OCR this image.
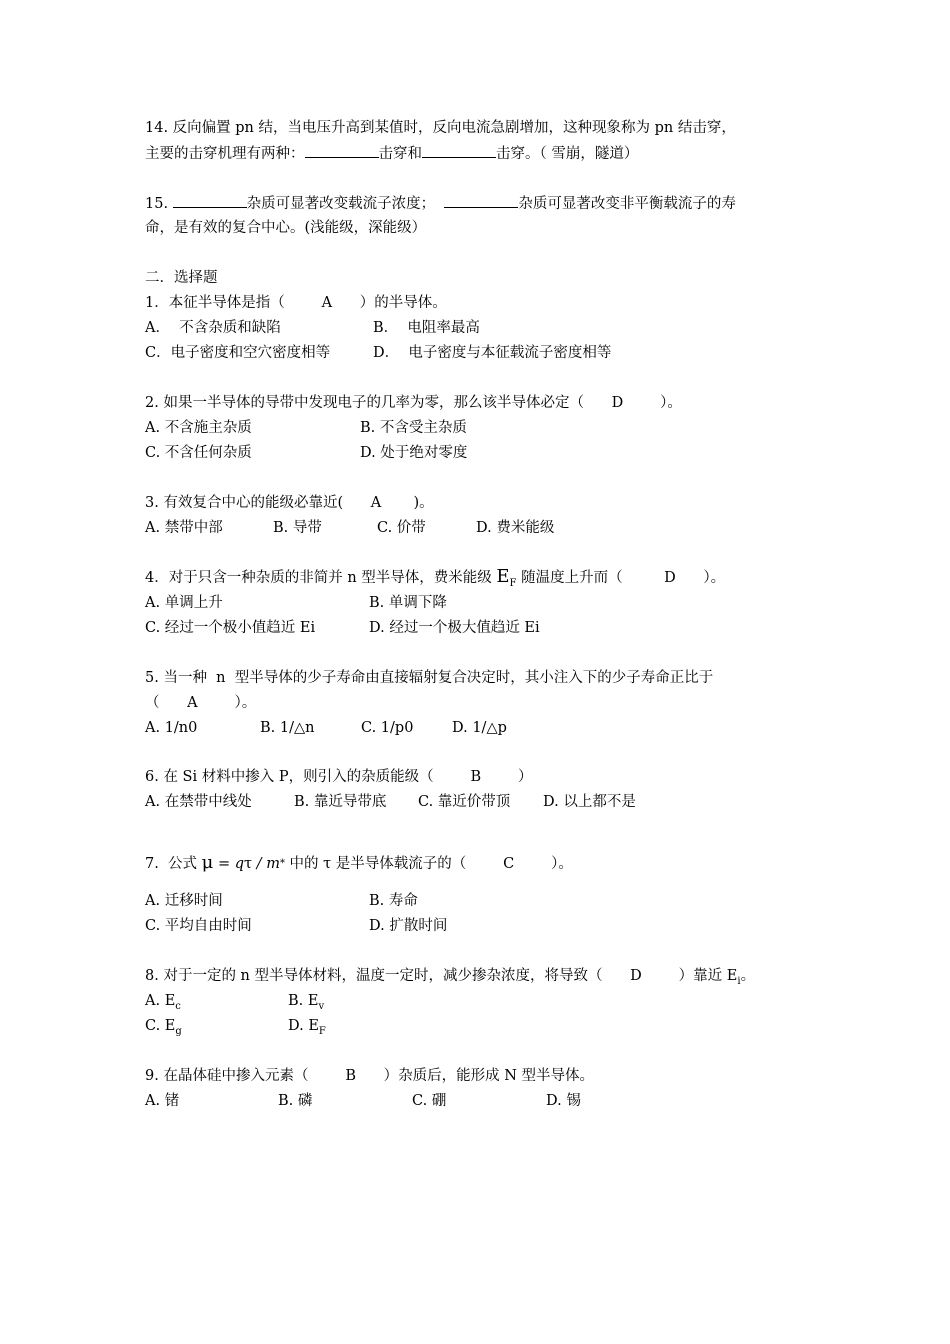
14. 反向偏置 pn 结，当电压升高到某值时，反向电流急剧增加，这种现象称为 pn 结击穿，
主要的击穿机理有两种：	击穿和	击穿。（ 雪崩，隧道）
15.	杂质可显著改变载流子浓度；	杂质可显著改变非平衡载流子的寿
命，是有效的复合中心。(浅能级，深能级）
二．选择题
1．本征半导体是指（        A      ）的半导体。
A．  不含杂质和缺陷	B．  电阻率最高
C．电子密度和空穴密度相等	D．  电子密度与本征载流子密度相等
2. 如果一半导体的导带中发现电子的几率为零，那么该半导体必定（      D        ）。
A. 不含施主杂质	B. 不含受主杂质
C. 不含任何杂质	D. 处于绝对零度
3. 有效复合中心的能级必靠近(      A       )。
A. 禁带中部	B. 导带	C. 价带	D. 费米能级
4．对于只含一种杂质的非简并 n 型半导体，费米能级 $E_F$ 随温度上升而（         D      ）。
A. 单调上升	B. 单调下降
C. 经过一个极小值趋近 Ei	D. 经过一个极大值趋近 Ei
5. 当一种  n  型半导体的少子寿命由直接辐射复合决定时，其小注入下的少子寿命正比于
（      A        ）。
A. 1/n0	B. 1/△n	C. 1/p0	D. 1/△p
6. 在 Si 材料中掺入 P，则引入的杂质能级（        B        ）
A. 在禁带中线处	B. 靠近导带底 C. 靠近价带顶 D. 以上都不是
7.  公式 μ = qτ / m* 中的 τ 是半导体载流子的（        C        ）。
A. 迁移时间	B. 寿命
C. 平均自由时间	D. 扩散时间
8. 对于一定的 n 型半导体材料，温度一定时，减少掺杂浓度，将导致（      D        ）靠近 $E_i$。
A. $E_c$	B. $E_v$
C. $E_g$	D. $E_F$
9. 在晶体硅中掺入元素（        B      ）杂质后，能形成 N 型半导体。
A. 锗	B. 磷	C. 硼	D. 锡
